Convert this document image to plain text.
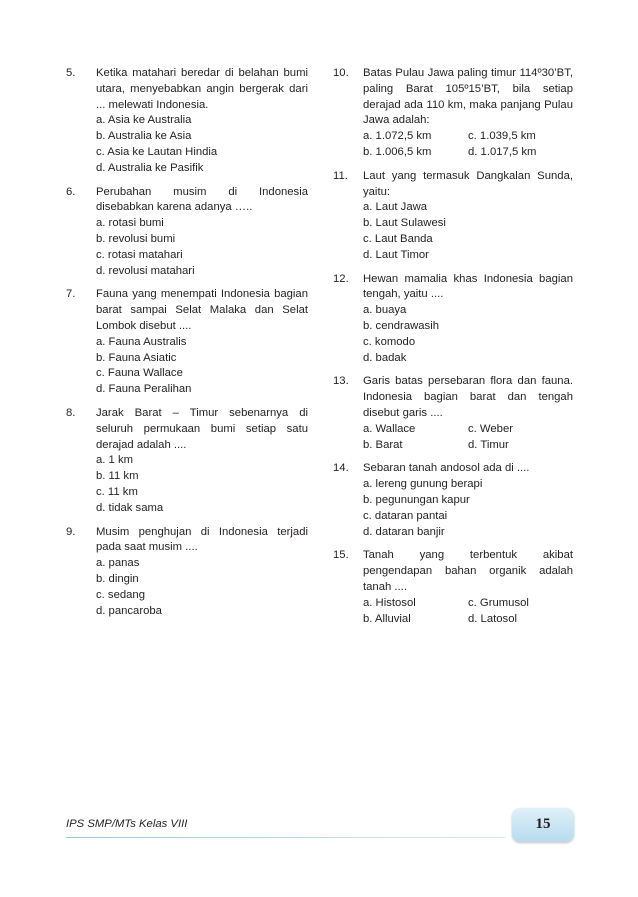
5. Ketika matahari beredar di belahan bumi utara, menyebabkan angin bergerak dari ... melewati Indonesia.
a. Asia ke Australia
b. Australia ke Asia
c. Asia ke Lautan Hindia
d. Australia ke Pasifik
6. Perubahan musim di Indonesia disebabkan karena adanya …..
a. rotasi bumi
b. revolusi bumi
c. rotasi matahari
d. revolusi matahari
7. Fauna yang menempati Indonesia bagian barat sampai Selat Malaka dan Selat Lombok disebut ....
a. Fauna Australis
b. Fauna Asiatic
c. Fauna Wallace
d. Fauna Peralihan
8. Jarak Barat – Timur sebenarnya di seluruh permukaan bumi setiap satu derajad adalah ....
a. 1 km
b. 11 km
c. 11 km
d. tidak sama
9. Musim penghujan di Indonesia terjadi pada saat musim ....
a. panas
b. dingin
c. sedang
d. pancaroba
10. Batas Pulau Jawa paling timur 114º30’BT, paling Barat 105º15’BT, bila setiap derajad ada 110 km, maka panjang Pulau Jawa adalah:
a. 1.072,5 km	c. 1.039,5 km
b. 1.006,5 km	d. 1.017,5 km
11. Laut yang termasuk Dangkalan Sunda, yaitu:
a. Laut Jawa
b. Laut Sulawesi
c. Laut Banda
d. Laut Timor
12. Hewan mamalia khas Indonesia bagian tengah, yaitu ....
a. buaya
b. cendrawasih
c. komodo
d. badak
13. Garis batas persebaran flora dan fauna. Indonesia bagian barat dan tengah disebut garis ....
a. Wallace	c. Weber
b. Barat	d. Timur
14. Sebaran tanah andosol ada di ....
a. lereng gunung berapi
b. pegunungan kapur
c. dataran pantai
d. dataran banjir
15. Tanah yang terbentuk akibat pengendapan bahan organik adalah tanah ....
a. Histosol	c. Grumusol
b. Alluvial	d. Latosol
IPS SMP/MTs Kelas VIII	15
